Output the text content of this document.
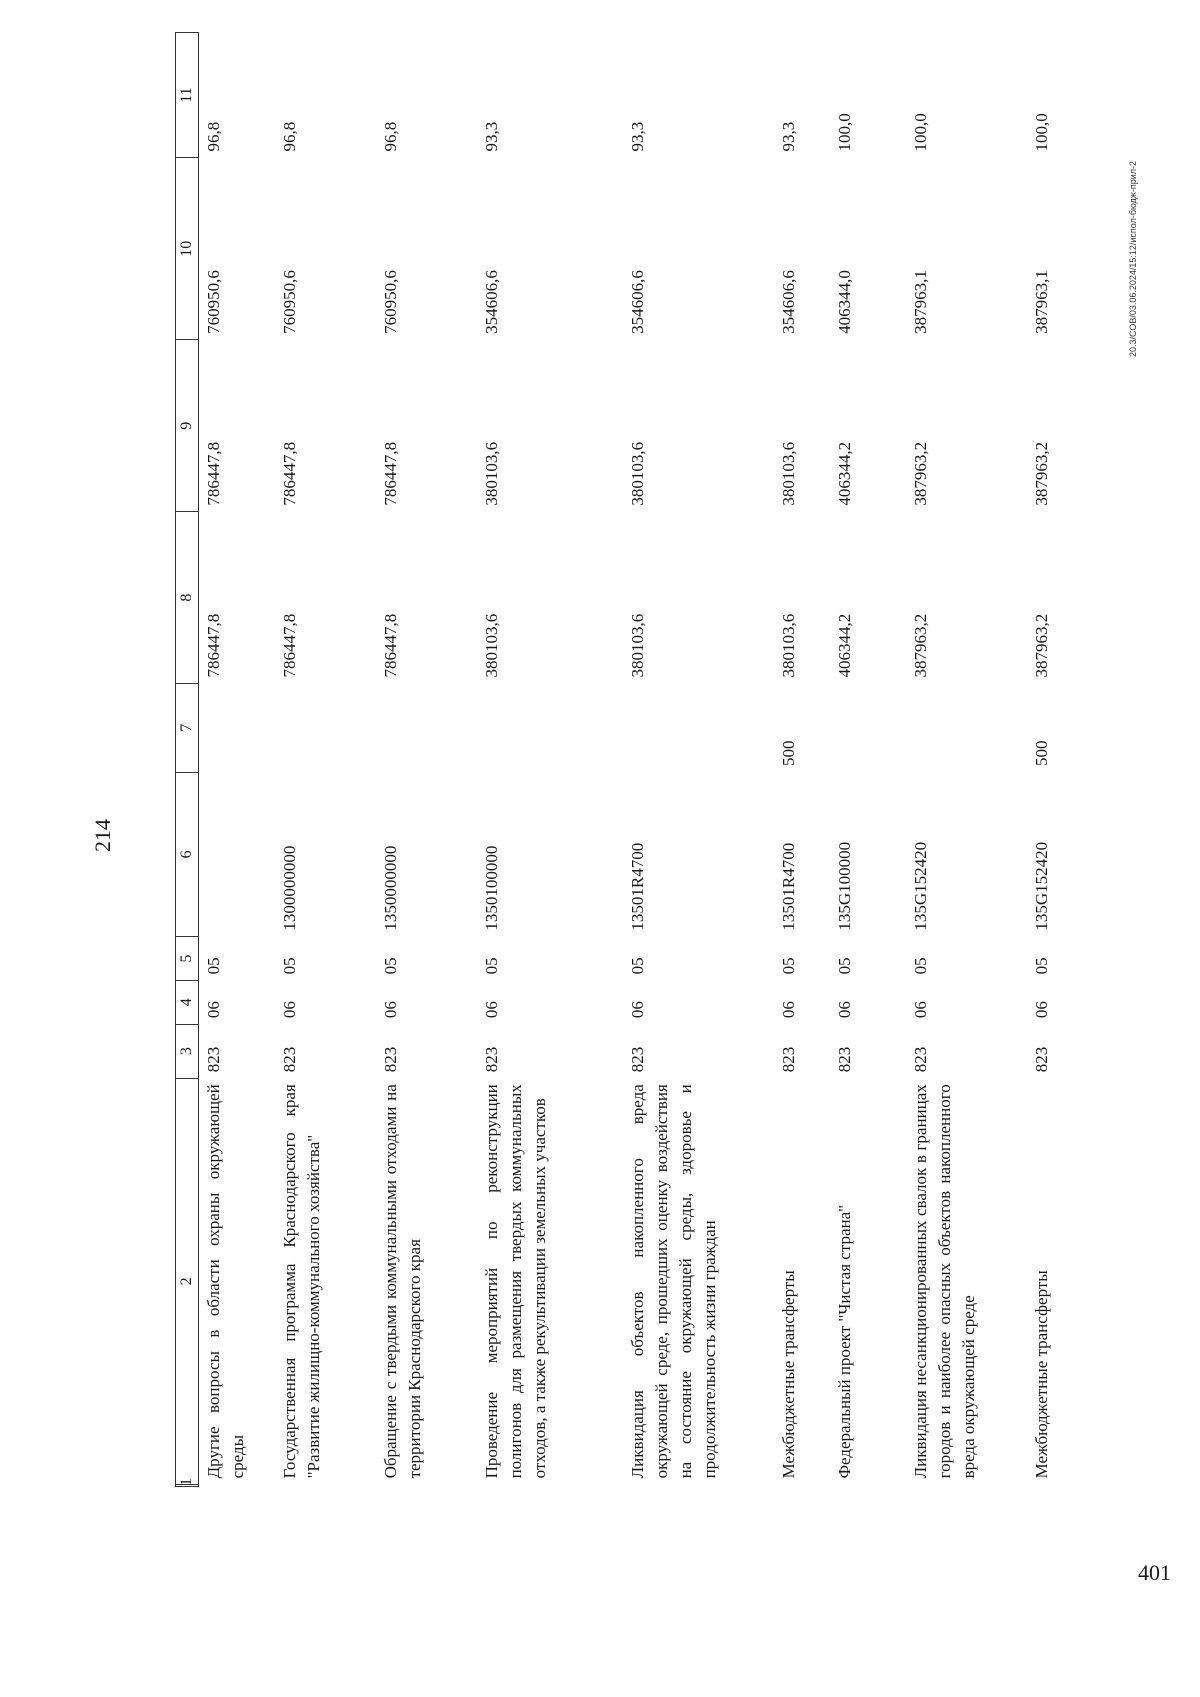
214
1	2	3	4	5	6	7	8	9	10	11
	Другие вопросы в области охраны окружающей среды	823	06	05			786447,8	786447,8	760950,6	96,8
	Государственная программа Краснодарского края "Развитие жилищно-коммунального хозяйства"	823	06	05	1300000000		786447,8	786447,8	760950,6	96,8
	Обращение с твердыми коммунальными отходами на территории Краснодарского края	823	06	05	1350000000		786447,8	786447,8	760950,6	96,8
	Проведение мероприятий по реконструкции полигонов для размещения твердых коммунальных отходов, а также рекультивации земельных участков	823	06	05	1350100000		380103,6	380103,6	354606,6	93,3
	Ликвидация объектов накопленного вреда окружающей среде, прошедших оценку воздействия на состояние окружающей среды, здоровье и продолжительность жизни граждан	823	06	05	13501R4700		380103,6	380103,6	354606,6	93,3
	Межбюджетные трансферты	823	06	05	13501R4700	500	380103,6	380103,6	354606,6	93,3
	Федеральный проект "Чистая страна"	823	06	05	135G100000		406344,2	406344,2	406344,0	100,0
	Ликвидация несанкционированных свалок в границах городов и наиболее опасных объектов накопленного вреда окружающей среде	823	06	05	135G152420		387963,2	387963,2	387963,1	100,0
	Межбюджетные трансферты	823	06	05	135G152420	500	387963,2	387963,2	387963,1	100,0
20.3/СОВ/03.06.2024/15:12/испол-бюдж-прил-2
401
